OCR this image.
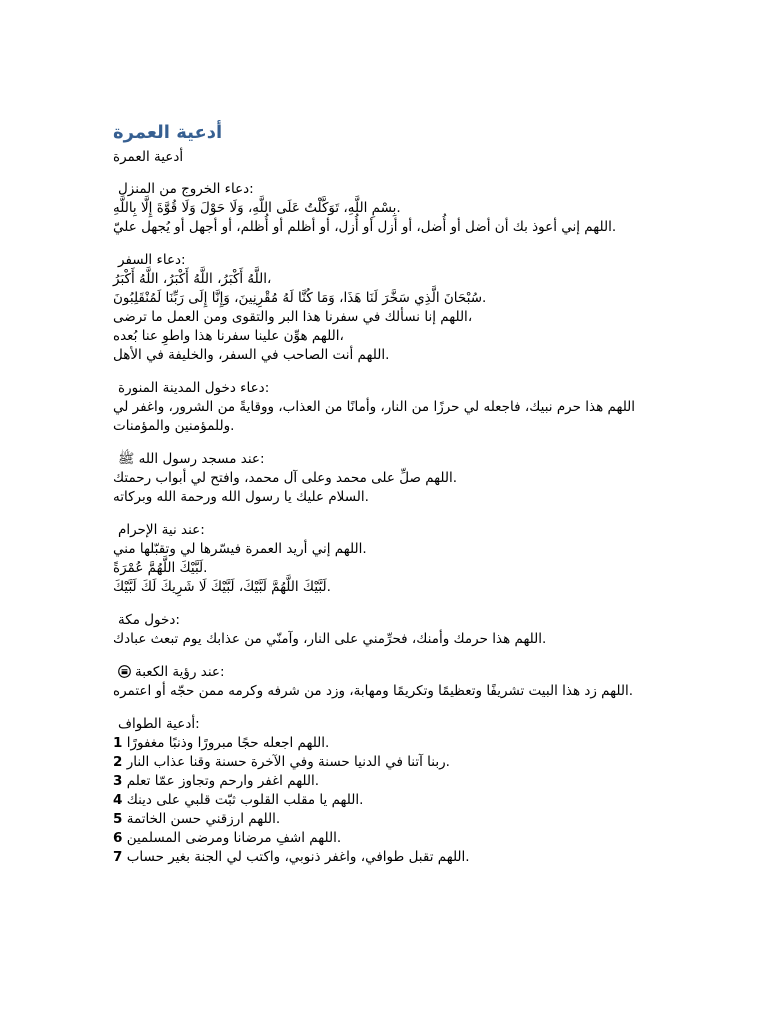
أدعية العمرة
أدعية العمرة
دعاء الخروج من المنزل:
بِسْمِ اللَّهِ، تَوَكَّلْتُ عَلَى اللَّهِ، وَلَا حَوْلَ وَلَا قُوَّةَ إِلَّا بِاللَّهِ.
اللهم إني أعوذ بك أن أضل أو أُضل، أو أزل أو أُزل، أو أظلم أو أُظلم، أو أجهل أو يُجهل عليّ.
دعاء السفر:
اللَّهُ أَكْبَرُ، اللَّهُ أَكْبَرُ، اللَّهُ أَكْبَرُ،
سُبْحَانَ الَّذِي سَخَّرَ لَنَا هَذَا، وَمَا كُنَّا لَهُ مُقْرِنِينَ، وَإِنَّا إِلَى رَبِّنَا لَمُنْقَلِبُونَ.
اللهم إنا نسألك في سفرنا هذا البر والتقوى ومن العمل ما ترضى،
اللهم هوِّن علينا سفرنا هذا واطوِ عنا بُعده،
اللهم أنت الصاحب في السفر، والخليفة في الأهل.
دعاء دخول المدينة المنورة:
اللهم هذا حرم نبيك، فاجعله لي حرزًا من النار، وأمانًا من العذاب، ووقايةً من الشرور، واغفر لي
وللمؤمنين والمؤمنات.
عند مسجد رسول الله ﷺ:
اللهم صلِّ على محمد وعلى آل محمد، وافتح لي أبواب رحمتك.
السلام عليك يا رسول الله ورحمة الله وبركاته.
عند نية الإحرام:
اللهم إني أريد العمرة فيسّرها لي وتقبّلها مني.
لَبَّيْكَ اللَّهُمَّ عُمْرَةً.
لَبَّيْكَ اللَّهُمَّ لَبَّيْكَ، لَبَّيْكَ لَا شَرِيكَ لَكَ لَبَّيْكَ.
دخول مكة:
اللهم هذا حرمك وأمنك، فحرِّمني على النار، وآمنّي من عذابك يوم تبعث عبادك.
عند رؤية الكعبة:
اللهم زد هذا البيت تشريفًا وتعظيمًا وتكريمًا ومهابة، وزد من شرفه وكرمه ممن حجّه أو اعتمره.
أدعية الطواف:
1 اللهم اجعله حجًا مبرورًا وذنبًا مغفورًا.
2 ربنا آتنا في الدنيا حسنة وفي الآخرة حسنة وقنا عذاب النار.
3 اللهم اغفر وارحم وتجاوز عمّا تعلم.
4 اللهم يا مقلب القلوب ثبّت قلبي على دينك.
5 اللهم ارزقني حسن الخاتمة.
6 اللهم اشفِ مرضانا ومرضى المسلمين.
7 اللهم تقبل طوافي، واغفر ذنوبي، واكتب لي الجنة بغير حساب.
